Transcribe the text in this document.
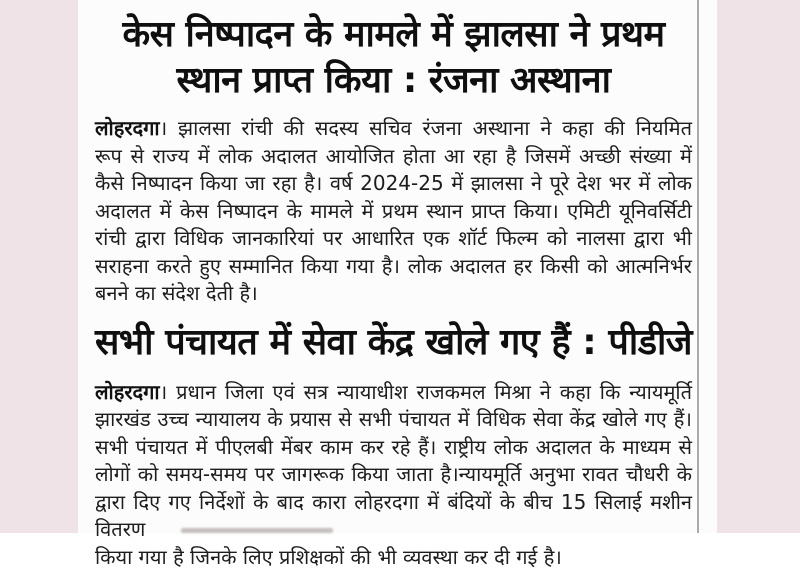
केस निष्पादन के मामले में झालसा ने प्रथम
स्थान प्राप्त किया : रंजना अस्थाना
लोहरदगा। झालसा रांची की सदस्य सचिव रंजना अस्थाना ने कहा की नियमित
रूप से राज्य में लोक अदालत आयोजित होता आ रहा है जिसमें अच्छी संख्या में
कैसे निष्पादन किया जा रहा है। वर्ष 2024-25 में झालसा ने पूरे देश भर में लोक
अदालत में केस निष्पादन के मामले में प्रथम स्थान प्राप्त किया। एमिटी यूनिवर्सिटी
रांची द्वारा विधिक जानकारियां पर आधारित एक शॉर्ट फिल्म को नालसा द्वारा भी
सराहना करते हुए सम्मानित किया गया है। लोक अदालत हर किसी को आत्मनिर्भर
बनने का संदेश देती है।
सभी पंचायत में सेवा केंद्र खोले गए हैं : पीडीजे
लोहरदगा। प्रधान जिला एवं सत्र न्यायाधीश राजकमल मिश्रा ने कहा कि न्यायमूर्ति
झारखंड उच्च न्यायालय के प्रयास से सभी पंचायत में विधिक सेवा केंद्र खोले गए हैं।
सभी पंचायत में पीएलबी मेंबर काम कर रहे हैं। राष्ट्रीय लोक अदालत के माध्यम से
लोगों को समय-समय पर जागरूक किया जाता है।न्यायमूर्ति अनुभा रावत चौधरी के
द्वारा दिए गए निर्देशों के बाद कारा लोहरदगा में बंदियों के बीच 15 सिलाई मशीन वितरण
किया गया है जिनके लिए प्रशिक्षकों की भी व्यवस्था कर दी गई है।
